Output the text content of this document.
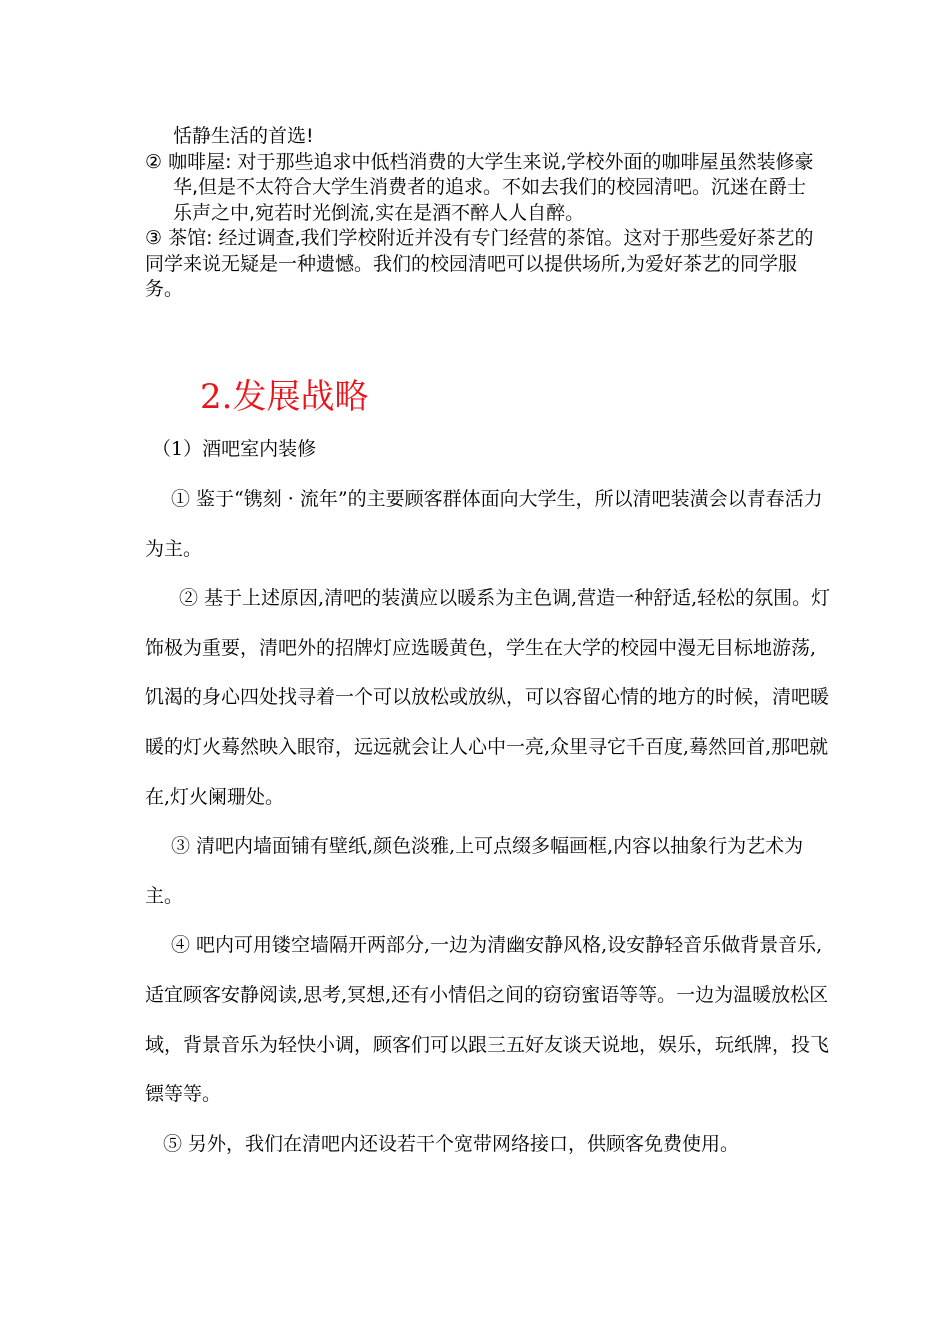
恬静生活的首选!

② 咖啡屋: 对于那些追求中低档消费的大学生来说,学校外面的咖啡屋虽然装修豪华,但是不太符合大学生消费者的追求。不如去我们的校园清吧。沉迷在爵士乐声之中,宛若时光倒流,实在是酒不醉人人自醉。

③ 茶馆: 经过调查,我们学校附近并没有专门经营的茶馆。这对于那些爱好茶艺的同学来说无疑是一种遗憾。我们的校园清吧可以提供场所,为爱好茶艺的同学服务。

2.发展战略

（1）酒吧室内装修

① 鉴于“镌刻 · 流年”的主要顾客群体面向大学生，所以清吧装潢会以青春活力为主。

② 基于上述原因,清吧的装潢应以暖系为主色调,营造一种舒适,轻松的氛围。灯饰极为重要，清吧外的招牌灯应选暖黄色，学生在大学的校园中漫无目标地游荡,饥渴的身心四处找寻着一个可以放松或放纵，可以容留心情的地方的时候，清吧暖暖的灯火蓦然映入眼帘，远远就会让人心中一亮,众里寻它千百度,蓦然回首,那吧就在,灯火阑珊处。

③ 清吧内墙面铺有壁纸,颜色淡雅,上可点缀多幅画框,内容以抽象行为艺术为主。

④ 吧内可用镂空墙隔开两部分,一边为清幽安静风格,设安静轻音乐做背景音乐,适宜顾客安静阅读,思考,冥想,还有小情侣之间的窃窃蜜语等等。一边为温暖放松区域，背景音乐为轻快小调，顾客们可以跟三五好友谈天说地，娱乐，玩纸牌，投飞镖等等。

⑤ 另外，我们在清吧内还设若干个宽带网络接口，供顾客免费使用。
